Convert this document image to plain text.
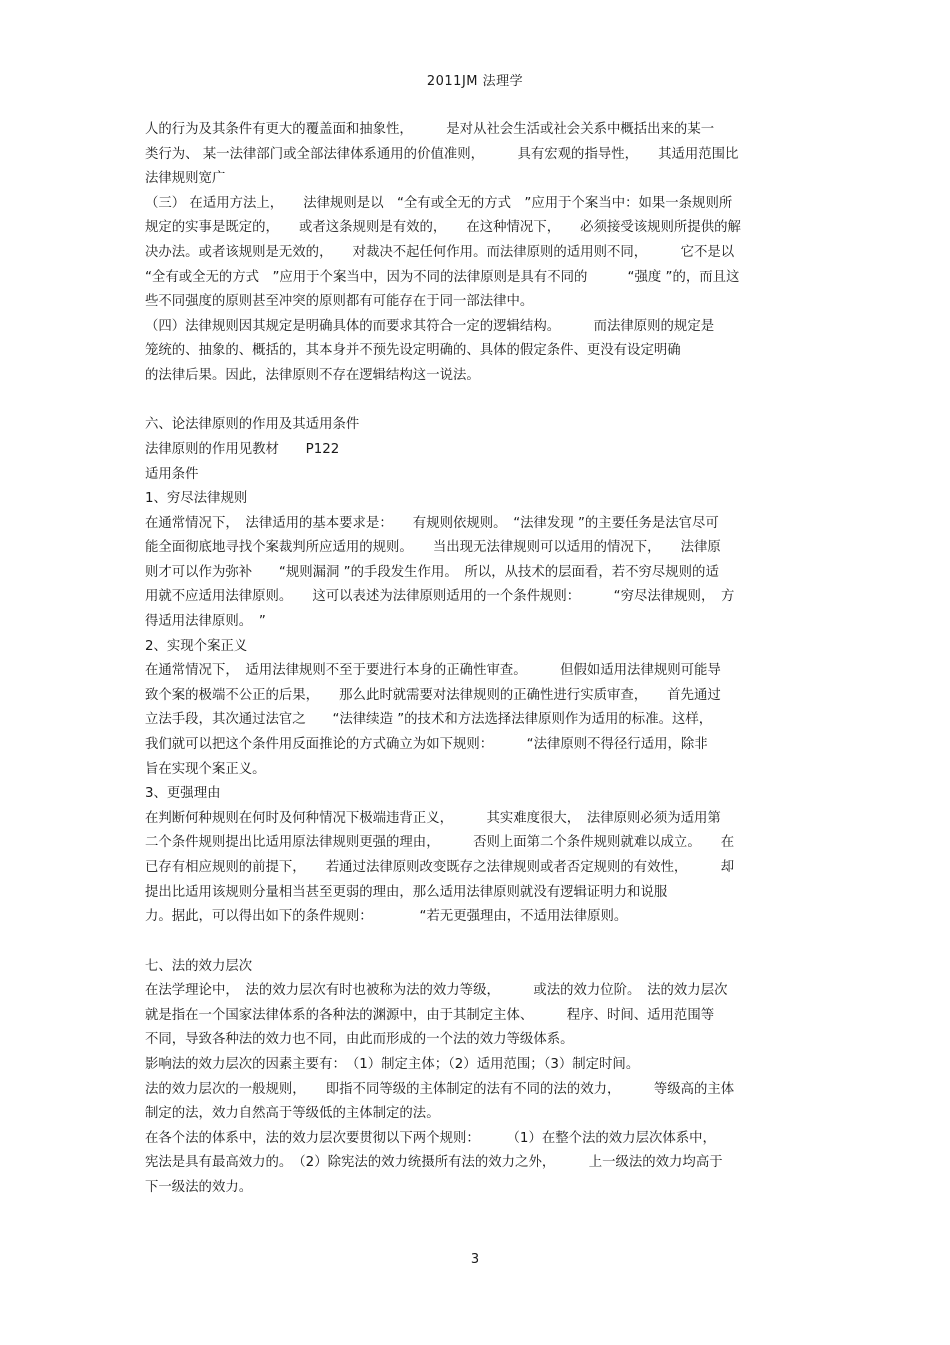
2011JM 法理学
人的行为及其条件有更大的覆盖面和抽象性，　　　是对从社会生活或社会关系中概括出来的某一
类行为、 某一法律部门或全部法律体系通用的价值准则，　　　具有宏观的指导性，　　其适用范围比
法律规则宽广
（三） 在适用方法上，　　法律规则是以　“全有或全无的方式　”应用于个案当中：如果一条规则所
规定的实事是既定的，　　或者这条规则是有效的，　　在这种情况下，　　必须接受该规则所提供的解
决办法。或者该规则是无效的，　　对裁决不起任何作用。而法律原则的适用则不同，　　　它不是以
“全有或全无的方式　”应用于个案当中，因为不同的法律原则是具有不同的　　　“强度 ”的，而且这
些不同强度的原则甚至冲突的原则都有可能存在于同一部法律中。
（四）法律规则因其规定是明确具体的而要求其符合一定的逻辑结构。　　　而法律原则的规定是
笼统的、抽象的、概括的，其本身并不预先设定明确的、具体的假定条件、更没有设定明确
的法律后果。因此，法律原则不存在逻辑结构这一说法。
六、论法律原则的作用及其适用条件
法律原则的作用见教材　　P122
适用条件
1、穷尽法律规则
在通常情况下，　法律适用的基本要求是：　　有规则依规则。　“法律发现 ”的主要任务是法官尽可
能全面彻底地寻找个案裁判所应适用的规则。　　当出现无法律规则可以适用的情况下，　　法律原
则才可以作为弥补　　“规则漏洞 ”的手段发生作用。　所以，从技术的层面看，若不穷尽规则的适
用就不应适用法律原则。　　这可以表述为法律原则适用的一个条件规则：　　　“穷尽法律规则，　方
得适用法律原则。　”
2、实现个案正义
在通常情况下，　适用法律规则不至于要进行本身的正确性审查。　　　但假如适用法律规则可能导
致个案的极端不公正的后果，　　那么此时就需要对法律规则的正确性进行实质审查，　　首先通过
立法手段，其次通过法官之　　“法律续造 ”的技术和方法选择法律原则作为适用的标准。这样，
我们就可以把这个条件用反面推论的方式确立为如下规则：　　　“法律原则不得径行适用，除非
旨在实现个案正义。
3、更强理由
在判断何种规则在何时及何种情况下极端违背正义，　　　其实难度很大，　法律原则必须为适用第
二个条件规则提出比适用原法律规则更强的理由，　　　否则上面第二个条件规则就难以成立。　　在
已存有相应规则的前提下，　　若通过法律原则改变既存之法律规则或者否定规则的有效性，　　　却
提出比适用该规则分量相当甚至更弱的理由，那么适用法律原则就没有逻辑证明力和说服
力。据此，可以得出如下的条件规则：　　　　“若无更强理由，不适用法律原则。
七、法的效力层次
在法学理论中，　法的效力层次有时也被称为法的效力等级，　　　或法的效力位阶。　法的效力层次
就是指在一个国家法律体系的各种法的渊源中，由于其制定主体、　　　程序、时间、适用范围等
不同，导致各种法的效力也不同，由此而形成的一个法的效力等级体系。
影响法的效力层次的因素主要有：　（1）制定主体；（2）适用范围；（3）制定时间。
法的效力层次的一般规则，　　即指不同等级的主体制定的法有不同的法的效力，　　　等级高的主体
制定的法，效力自然高于等级低的主体制定的法。
在各个法的体系中，法的效力层次要贯彻以下两个规则：　　　（1）在整个法的效力层次体系中，
宪法是具有最高效力的。　（2）除宪法的效力统摄所有法的效力之外，　　　上一级法的效力均高于
下一级法的效力。
3
